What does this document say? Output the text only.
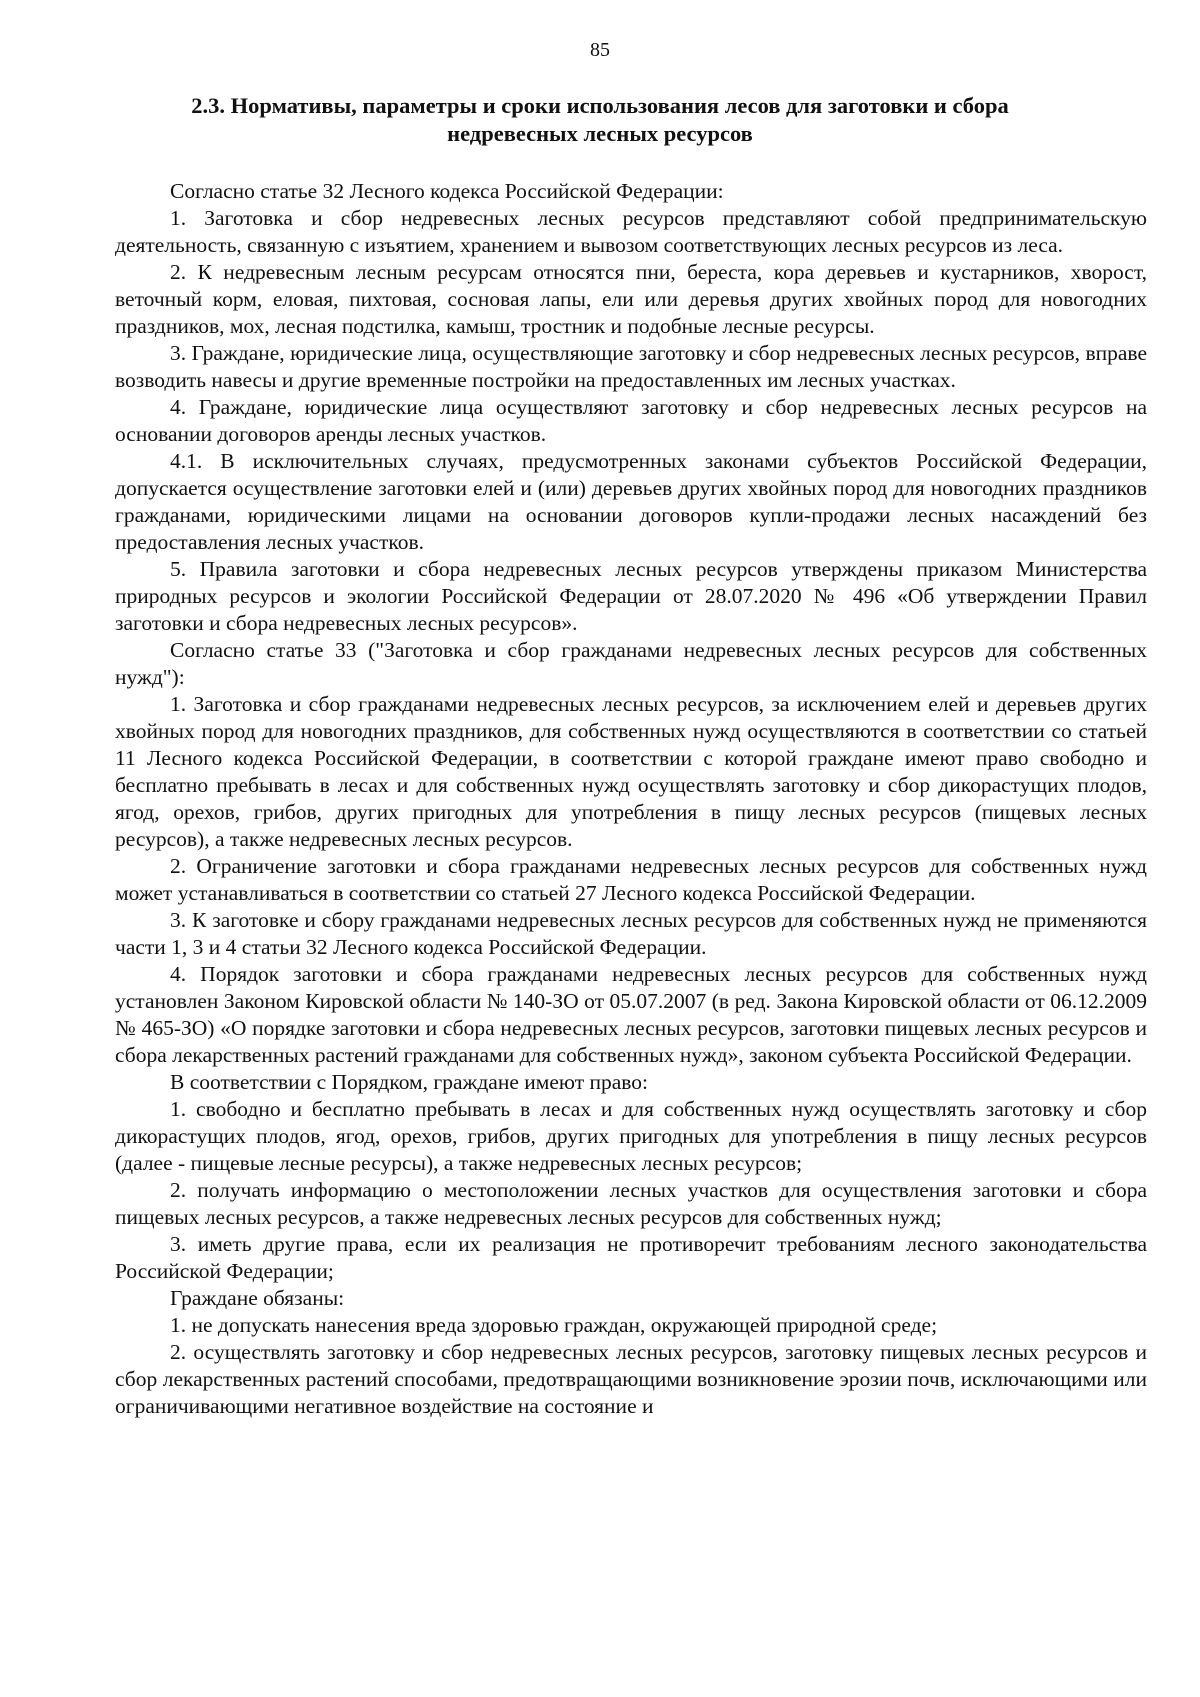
85
2.3. Нормативы, параметры и сроки использования лесов для заготовки и сбора
недревесных лесных ресурсов

Согласно статье 32 Лесного кодекса Российской Федерации:

1. Заготовка и сбор недревесных лесных ресурсов представляют собой предпринимательскую деятельность, связанную с изъятием, хранением и вывозом соответствующих лесных ресурсов из леса.

2. К недревесным лесным ресурсам относятся пни, береста, кора деревьев и кустарников, хворост, веточный корм, еловая, пихтовая, сосновая лапы, ели или деревья других хвойных пород для новогодних праздников, мох, лесная подстилка, камыш, тростник и подобные лесные ресурсы.

3. Граждане, юридические лица, осуществляющие заготовку и сбор недревесных лесных ресурсов, вправе возводить навесы и другие временные постройки на предоставленных им лесных участках.

4. Граждане, юридические лица осуществляют заготовку и сбор недревесных лесных ресурсов на основании договоров аренды лесных участков.

4.1. В исключительных случаях, предусмотренных законами субъектов Российской Федерации, допускается осуществление заготовки елей и (или) деревьев других хвойных пород для новогодних праздников гражданами, юридическими лицами на основании договоров купли-продажи лесных насаждений без предоставления лесных участков.

5. Правила заготовки и сбора недревесных лесных ресурсов утверждены приказом Министерства природных ресурсов и экологии Российской Федерации от 28.07.2020 № 496 «Об утверждении Правил заготовки и сбора недревесных лесных ресурсов».

Согласно статье 33 ("Заготовка и сбор гражданами недревесных лесных ресурсов для собственных нужд"):

1. Заготовка и сбор гражданами недревесных лесных ресурсов, за исключением елей и деревьев других хвойных пород для новогодних праздников, для собственных нужд осуществляются в соответствии со статьей 11 Лесного кодекса Российской Федерации, в соответствии с которой граждане имеют право свободно и бесплатно пребывать в лесах и для собственных нужд осуществлять заготовку и сбор дикорастущих плодов, ягод, орехов, грибов, других пригодных для употребления в пищу лесных ресурсов (пищевых лесных ресурсов), а также недревесных лесных ресурсов.

2. Ограничение заготовки и сбора гражданами недревесных лесных ресурсов для собственных нужд может устанавливаться в соответствии со статьей 27 Лесного кодекса Российской Федерации.

3. К заготовке и сбору гражданами недревесных лесных ресурсов для собственных нужд не применяются части 1, 3 и 4 статьи 32 Лесного кодекса Российской Федерации.

4. Порядок заготовки и сбора гражданами недревесных лесных ресурсов для собственных нужд установлен Законом Кировской области № 140-ЗО от 05.07.2007 (в ред. Закона Кировской области от 06.12.2009 № 465-ЗО) «О порядке заготовки и сбора недревесных лесных ресурсов, заготовки пищевых лесных ресурсов и сбора лекарственных растений гражданами для собственных нужд», законом субъекта Российской Федерации.

В соответствии с Порядком, граждане имеют право:

1. свободно и бесплатно пребывать в лесах и для собственных нужд осуществлять заготовку и сбор дикорастущих плодов, ягод, орехов, грибов, других пригодных для употребления в пищу лесных ресурсов (далее - пищевые лесные ресурсы), а также недревесных лесных ресурсов;

2. получать информацию о местоположении лесных участков для осуществления заготовки и сбора пищевых лесных ресурсов, а также недревесных лесных ресурсов для собственных нужд;

3. иметь другие права, если их реализация не противоречит требованиям лесного законодательства Российской Федерации;

Граждане обязаны:

1. не допускать нанесения вреда здоровью граждан, окружающей природной среде;

2. осуществлять заготовку и сбор недревесных лесных ресурсов, заготовку пищевых лесных ресурсов и сбор лекарственных растений способами, предотвращающими возникновение эрозии почв, исключающими или ограничивающими негативное воздействие на состояние и
